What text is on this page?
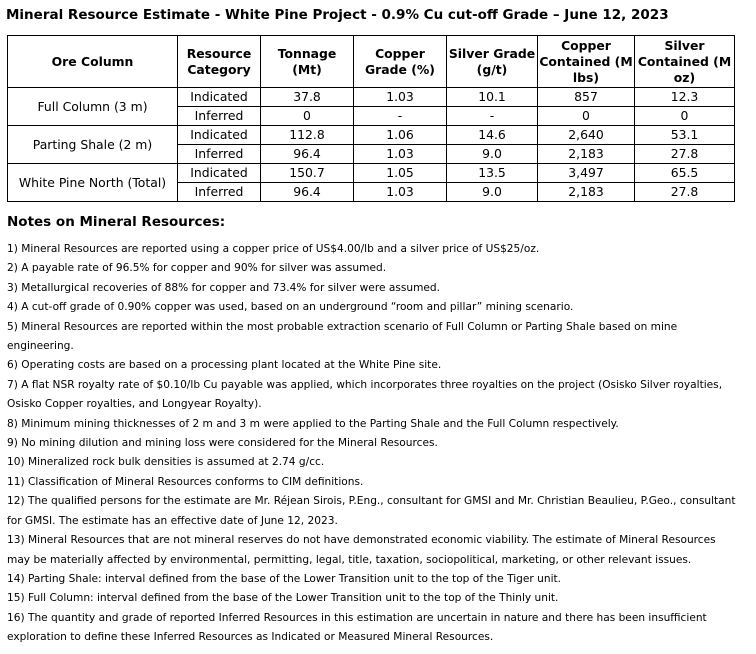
Mineral Resource Estimate - White Pine Project - 0.9% Cu cut-off Grade – June 12, 2023
Ore Column	Resource Category	Tonnage (Mt)	Copper Grade (%)	Silver Grade (g/t)	Copper Contained (M lbs)	Silver Contained (M oz)
Full Column (3 m)	Indicated	37.8	1.03	10.1	857	12.3
	Inferred	0	-	-	0	0
Parting Shale (2 m)	Indicated	112.8	1.06	14.6	2,640	53.1
	Inferred	96.4	1.03	9.0	2,183	27.8
White Pine North (Total)	Indicated	150.7	1.05	13.5	3,497	65.5
	Inferred	96.4	1.03	9.0	2,183	27.8
Notes on Mineral Resources:
1) Mineral Resources are reported using a copper price of US$4.00/lb and a silver price of US$25/oz.
2) A payable rate of 96.5% for copper and 90% for silver was assumed.
3) Metallurgical recoveries of 88% for copper and 73.4% for silver were assumed.
4) A cut-off grade of 0.90% copper was used, based on an underground “room and pillar” mining scenario.
5) Mineral Resources are reported within the most probable extraction scenario of Full Column or Parting Shale based on mine engineering.
6) Operating costs are based on a processing plant located at the White Pine site.
7) A flat NSR royalty rate of $0.10/lb Cu payable was applied, which incorporates three royalties on the project (Osisko Silver royalties, Osisko Copper royalties, and Longyear Royalty).
8) Minimum mining thicknesses of 2 m and 3 m were applied to the Parting Shale and the Full Column respectively.
9) No mining dilution and mining loss were considered for the Mineral Resources.
10) Mineralized rock bulk densities is assumed at 2.74 g/cc.
11) Classification of Mineral Resources conforms to CIM definitions.
12) The qualified persons for the estimate are Mr. Réjean Sirois, P.Eng., consultant for GMSI and Mr. Christian Beaulieu, P.Geo., consultant for GMSI. The estimate has an effective date of June 12, 2023.
13) Mineral Resources that are not mineral reserves do not have demonstrated economic viability. The estimate of Mineral Resources may be materially affected by environmental, permitting, legal, title, taxation, sociopolitical, marketing, or other relevant issues.
14) Parting Shale: interval defined from the base of the Lower Transition unit to the top of the Tiger unit.
15) Full Column: interval defined from the base of the Lower Transition unit to the top of the Thinly unit.
16) The quantity and grade of reported Inferred Resources in this estimation are uncertain in nature and there has been insufficient exploration to define these Inferred Resources as Indicated or Measured Mineral Resources.
